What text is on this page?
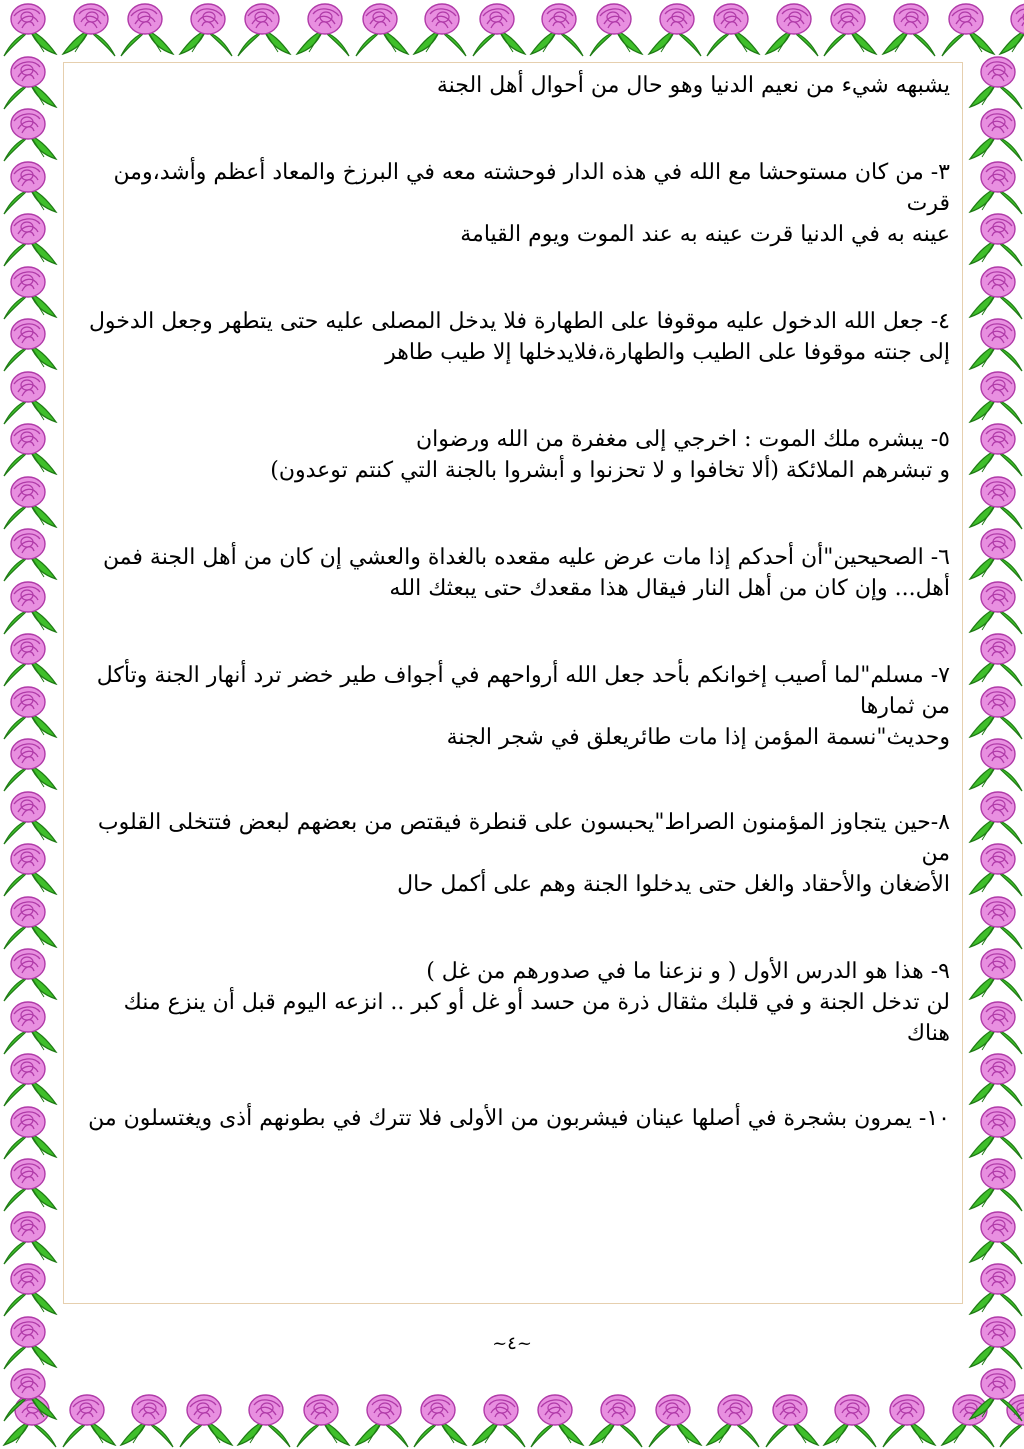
يشبهه شيء من نعيم الدنيا وهو حال من أحوال أهل الجنة

٣- من كان مستوحشا مع الله في هذه الدار فوحشته معه في البرزخ والمعاد أعظم وأشد،ومن قرت

عينه به في الدنيا قرت عينه به عند الموت ويوم القيامة

٤- جعل الله الدخول عليه موقوفا على الطهارة فلا يدخل المصلى عليه حتى يتطهر وجعل الدخول

إلى جنته موقوفا على الطيب والطهارة،فلايدخلها إلا طيب طاهر

٥- يبشره ملك الموت : اخرجي إلى مغفرة من الله ورضوان

و تبشرهم الملائكة (ألا تخافوا و لا تحزنوا و أبشروا بالجنة التي كنتم توعدون)

٦- الصحيحين"أن أحدكم إذا مات عرض عليه مقعده بالغداة والعشي إن كان من أهل الجنة فمن

أهل... وإن كان من أهل النار فيقال هذا مقعدك حتى يبعثك الله

٧- مسلم"لما أصيب إخوانكم بأحد جعل الله أرواحهم في أجواف طير خضر ترد أنهار الجنة وتأكل

من ثمارها

وحديث"نسمة المؤمن إذا مات طائريعلق في شجر الجنة

٨-حين يتجاوز المؤمنون الصراط"يحبسون على قنطرة فيقتص من بعضهم لبعض فتتخلى القلوب من

الأضغان والأحقاد والغل حتى يدخلوا الجنة وهم على أكمل حال

٩- هذا هو الدرس الأول ( و نزعنا ما في صدورهم من غل )

لن تدخل الجنة و في قلبك مثقال ذرة من حسد أو غل أو كبر .. انزعه اليوم قبل أن ينزع منك

هناك

١٠- يمرون بشجرة في أصلها عينان فيشربون من الأولى فلا تترك في بطونهم أذى ويغتسلون من

~٤~
